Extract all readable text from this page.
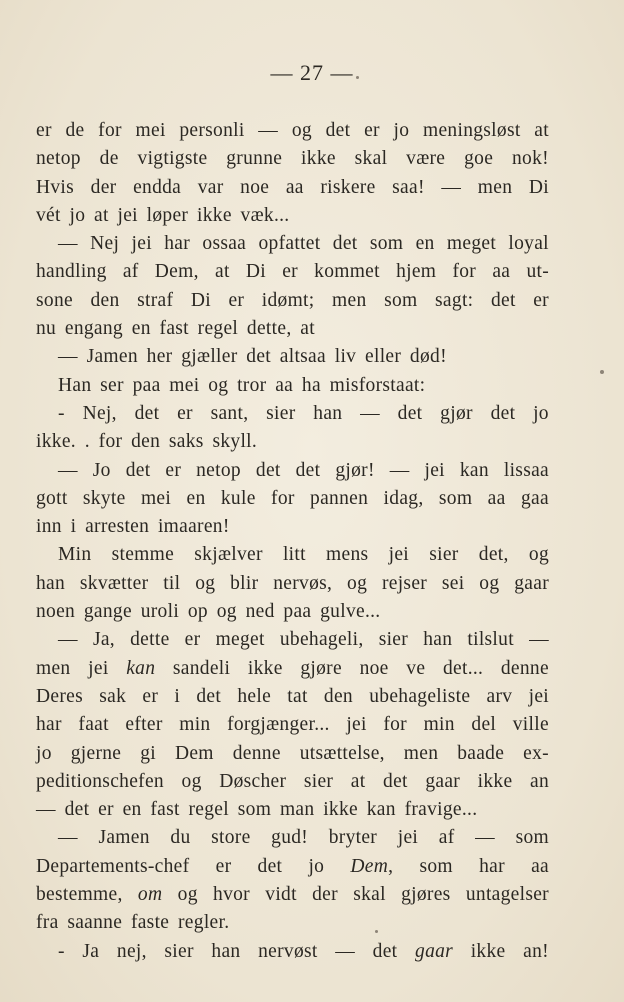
— 27 —
er de for mei personli — og det er jo meningsløst at
netop de vigtigste grunne ikke skal være goe nok!
Hvis der endda var noe aa riskere saa! — men Di
vét jo at jei løper ikke væk...
— Nej jei har ossaa opfattet det som en meget loyal
handling af Dem, at Di er kommet hjem for aa ut-
sone den straf Di er idømt; men som sagt: det er
nu engang en fast regel dette, at
— Jamen her gjæller det altsaa liv eller død!
Han ser paa mei og tror aa ha misforstaat:
- Nej, det er sant, sier han — det gjør det jo
ikke. . for den saks skyll.
— Jo det er netop det det gjør! — jei kan lissaa
gott skyte mei en kule for pannen idag, som aa gaa
inn i arresten imaaren!
Min stemme skjælver litt mens jei sier det, og
han skvætter til og blir nervøs, og rejser sei og gaar
noen gange uroli op og ned paa gulve...
— Ja, dette er meget ubehageli, sier han tilslut —
men jei kan sandeli ikke gjøre noe ve det... denne
Deres sak er i det hele tat den ubehageliste arv jei
har faat efter min forgjænger... jei for min del ville
jo gjerne gi Dem denne utsættelse, men baade ex-
peditionschefen og Døscher sier at det gaar ikke an
— det er en fast regel som man ikke kan fravige...
— Jamen du store gud! bryter jei af — som
Departements-chef er det jo Dem, som har aa
bestemme, om og hvor vidt der skal gjøres untagelser
fra saanne faste regler.
- Ja nej, sier han nervøst — det gaar ikke an!
